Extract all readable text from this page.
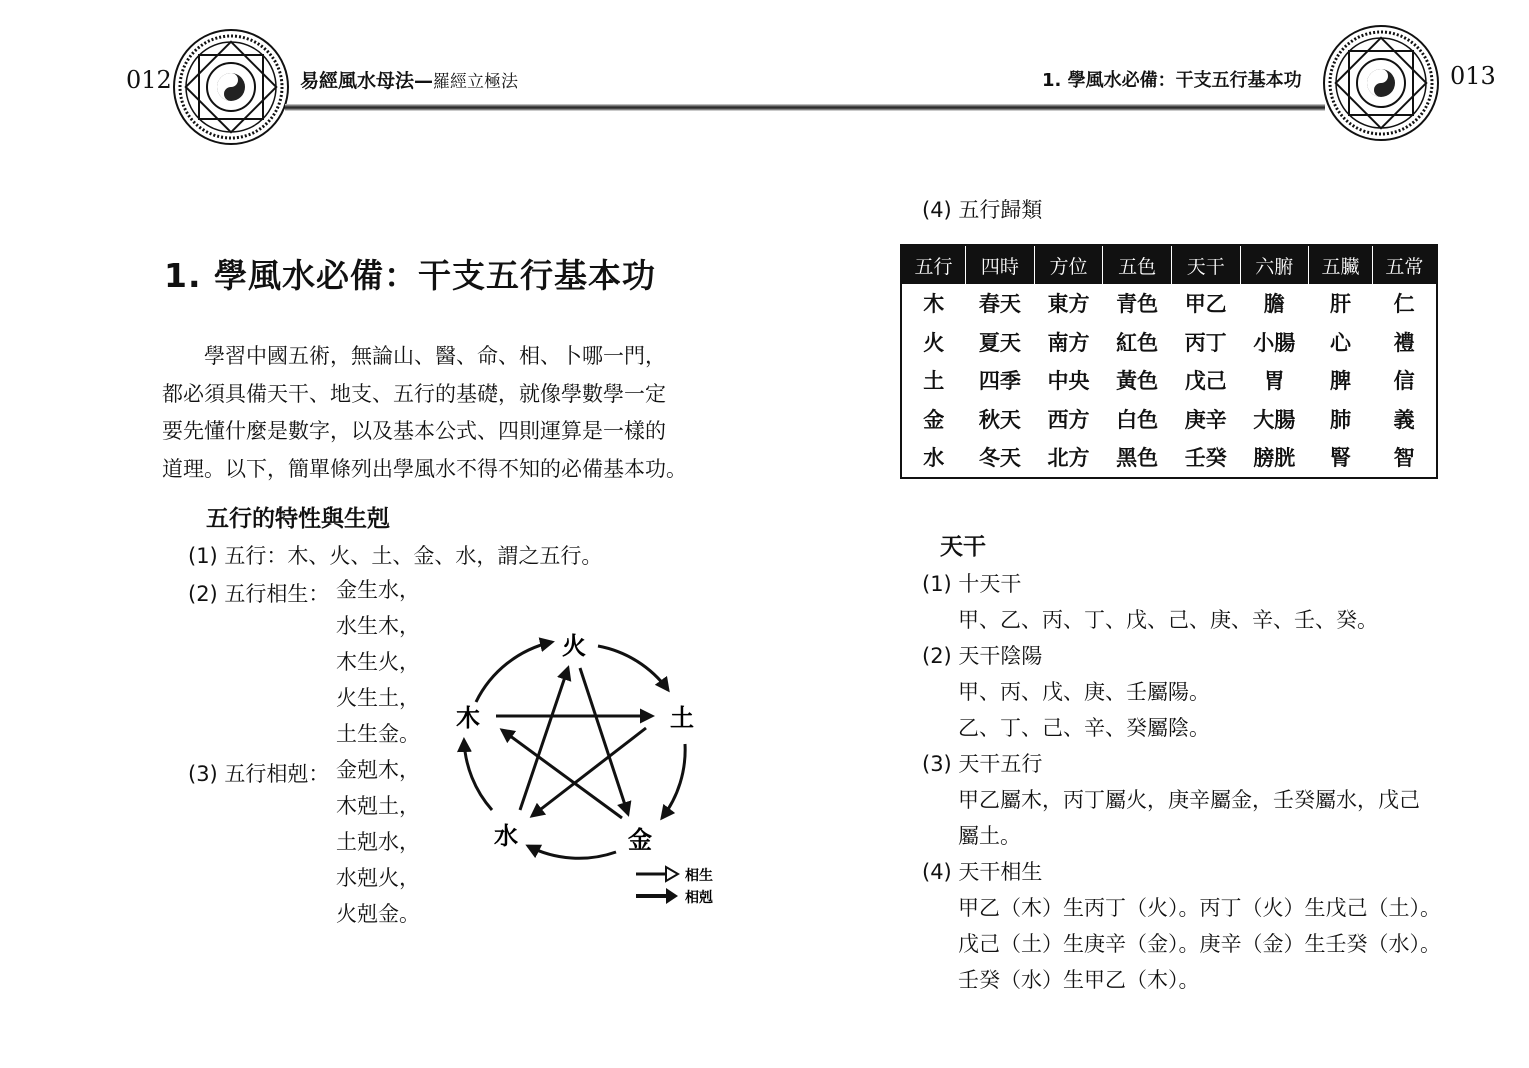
012	易經風水母法—羅經立極法	1. 學風水必備：干支五行基本功	013
1. 學風水必備：干支五行基本功

學習中國五術，無論山、醫、命、相、卜哪一門，

都必須具備天干、地支、五行的基礎，就像學數學一定

要先懂什麼是數字，以及基本公式、四則運算是一樣的

道理。以下，簡單條列出學風水不得不知的必備基本功。

五行的特性與生剋
(1) 五行：木、火、土、金、水，謂之五行。
(2) 五行相生： 金生水，
水生木，
木生火，
火生土，
土生金。
(3) 五行相剋： 金剋木，
木剋土，
土剋水，
水剋火，
火剋金。
火
土
金
水
木
相生
相剋
(4) 五行歸類
五行	四時	方位	五色	天干	六腑	五臟	五常
木	春天	東方	青色	甲乙	膽	肝	仁
火	夏天	南方	紅色	丙丁	小腸	心	禮
土	四季	中央	黃色	戊己	胃	脾	信
金	秋天	西方	白色	庚辛	大腸	肺	義
水	冬天	北方	黑色	壬癸	膀胱	腎	智
天干
(1) 十天干
甲、乙、丙、丁、戊、己、庚、辛、壬、癸。
(2) 天干陰陽
甲、丙、戊、庚、壬屬陽。
乙、丁、己、辛、癸屬陰。
(3) 天干五行
甲乙屬木，丙丁屬火，庚辛屬金，壬癸屬水，戊己
屬土。
(4) 天干相生
甲乙（木）生丙丁（火）。丙丁（火）生戊己（土）。
戊己（土）生庚辛（金）。庚辛（金）生壬癸（水）。
壬癸（水）生甲乙（木）。
